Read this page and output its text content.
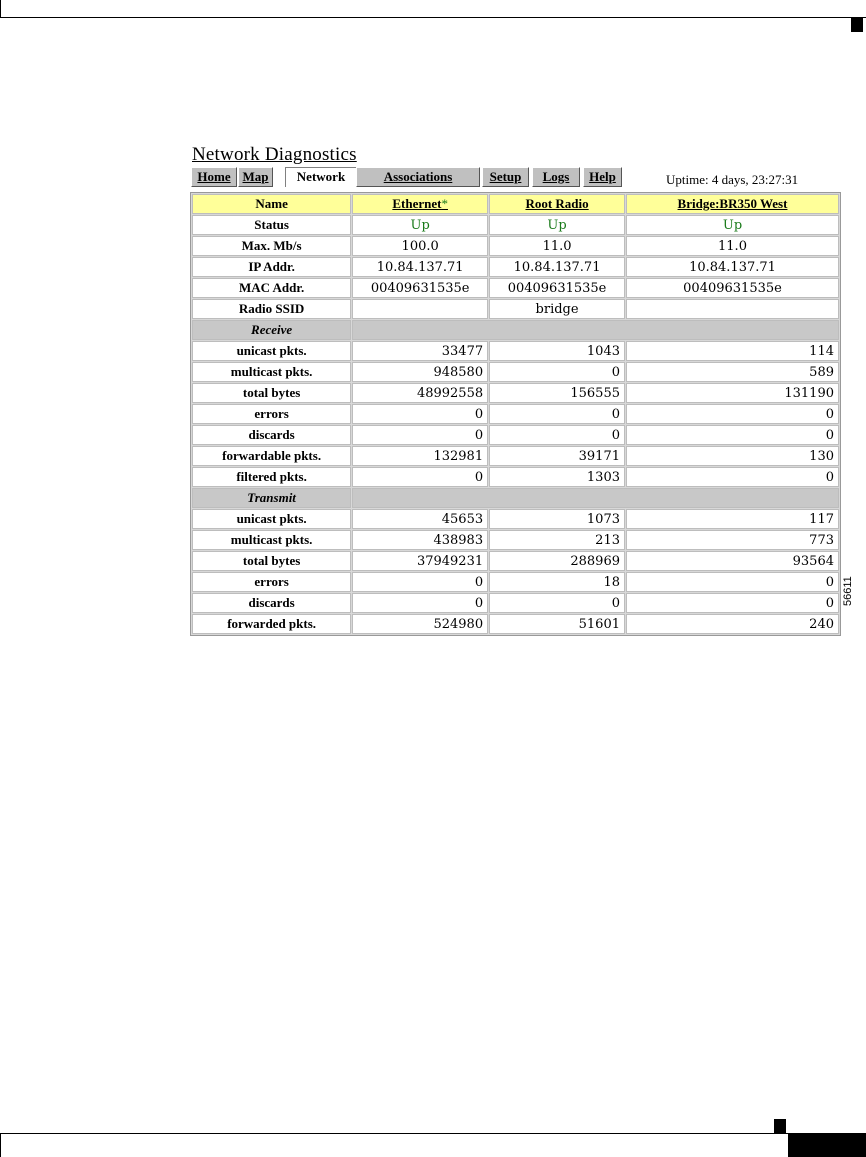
Network Diagnostics
Home Map	Network	Associations	Setup	Logs	Help	Uptime: 4 days, 23:27:31
Name	Ethernet*	Root Radio	Bridge:BR350 West
Status	Up	Up	Up
Max. Mb/s	100.0	11.0	11.0
IP Addr.	10.84.137.71	10.84.137.71	10.84.137.71
MAC Addr.	00409631535e	00409631535e	00409631535e
Radio SSID		bridge	
Receive			
unicast pkts.	33477	1043	114
multicast pkts.	948580	0	589
total bytes	48992558	156555	131190
errors	0	0	0
discards	0	0	0
forwardable pkts.	132981	39171	130
filtered pkts.	0	1303	0
Transmit			
unicast pkts.	45653	1073	117
multicast pkts.	438983	213	773
total bytes	37949231	288969	93564
errors	0	18	0
discards	0	0	0
forwarded pkts.	524980	51601	240
56611
